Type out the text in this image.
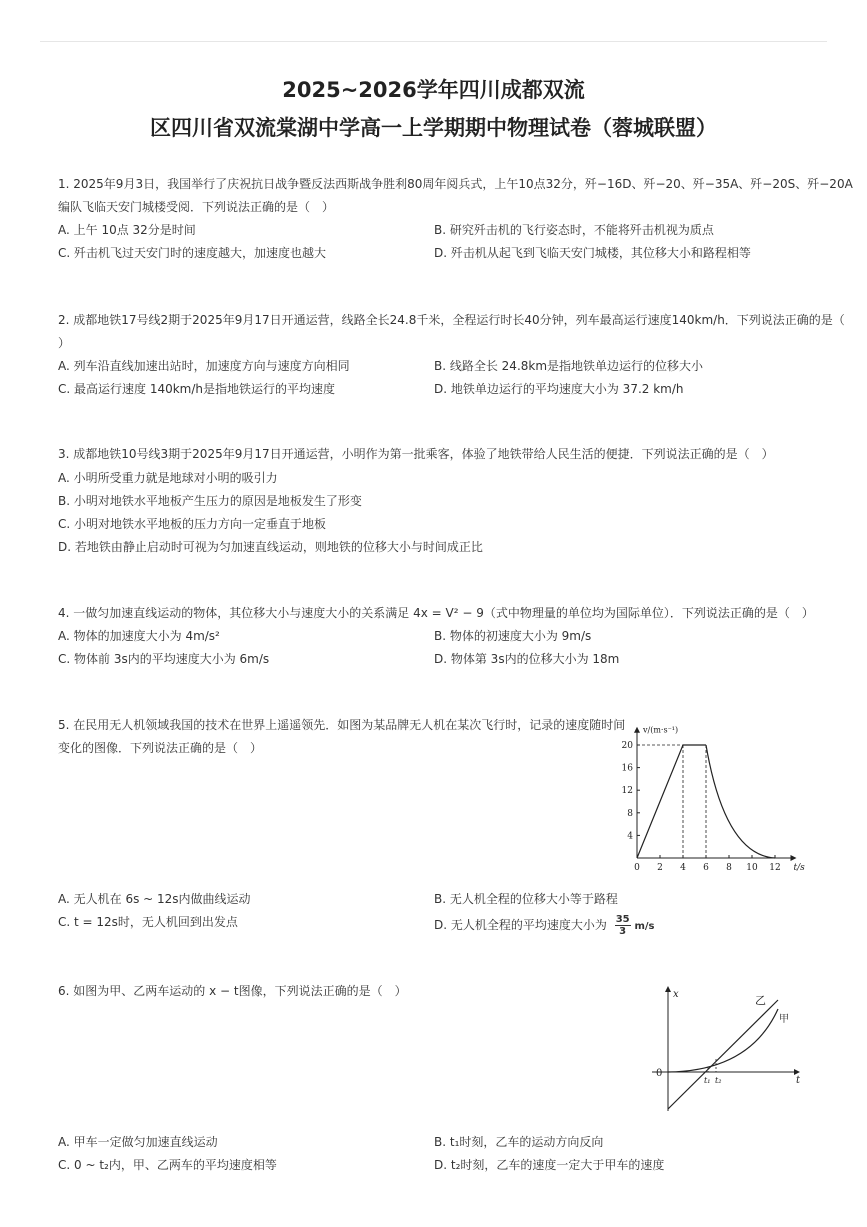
2025~2026学年四川成都双流
区四川省双流棠湖中学高一上学期期中物理试卷（蓉城联盟）
1. 2025年9月3日，我国举行了庆祝抗日战争暨反法西斯战争胜利80周年阅兵式，上午10点32分，歼−16D、歼−20、歼−35A、歼−20S、歼−20A
编队飞临天安门城楼受阅．下列说法正确的是（　）
A. 上午 10点 32分是时间	B. 研究歼击机的飞行姿态时，不能将歼击机视为质点
C. 歼击机飞过天安门时的速度越大，加速度也越大	D. 歼击机从起飞到飞临天安门城楼，其位移大小和路程相等
2. 成都地铁17号线2期于2025年9月17日开通运营，线路全长24.8千米，全程运行时长40分钟，列车最高运行速度140km/h．下列说法正确的是（
）
A. 列车沿直线加速出站时，加速度方向与速度方向相同	B. 线路全长 24.8km是指地铁单边运行的位移大小
C. 最高运行速度 140km/h是指地铁运行的平均速度	D. 地铁单边运行的平均速度大小为 37.2 km/h
3. 成都地铁10号线3期于2025年9月17日开通运营，小明作为第一批乘客，体验了地铁带给人民生活的便捷．下列说法正确的是（　）
A. 小明所受重力就是地球对小明的吸引力
B. 小明对地铁水平地板产生压力的原因是地板发生了形变
C. 小明对地铁水平地板的压力方向一定垂直于地板
D. 若地铁由静止启动时可视为匀加速直线运动，则地铁的位移大小与时间成正比
4. 一做匀加速直线运动的物体，其位移大小与速度大小的关系满足 4x = V² − 9（式中物理量的单位均为国际单位）．下列说法正确的是（　）
A. 物体的加速度大小为 4m/s²	B. 物体的初速度大小为 9m/s
C. 物体前 3s内的平均速度大小为 6m/s	D. 物体第 3s内的位移大小为 18m
5. 在民用无人机领域我国的技术在世界上遥遥领先．如图为某品牌无人机在某次飞行时，记录的速度随时间
变化的图像．下列说法正确的是（　）
0 2 4 6 8 10 12
4
8
12
16
20
t/s
v/(m·s⁻¹)
A. 无人机在 6s ~ 12s内做曲线运动	B. 无人机全程的位移大小等于路程
C. t = 12s时，无人机回到出发点	D. 无人机全程的平均速度大小为 $\frac{35}{3} m/s$
6. 如图为甲、乙两车运动的 x − t图像，下列说法正确的是（　）	x
t
0
t₁ t₂
乙
甲
A. 甲车一定做匀加速直线运动	B. t₁时刻，乙车的运动方向反向
C. 0 ~ t₂内，甲、乙两车的平均速度相等	D. t₂时刻，乙车的速度一定大于甲车的速度
